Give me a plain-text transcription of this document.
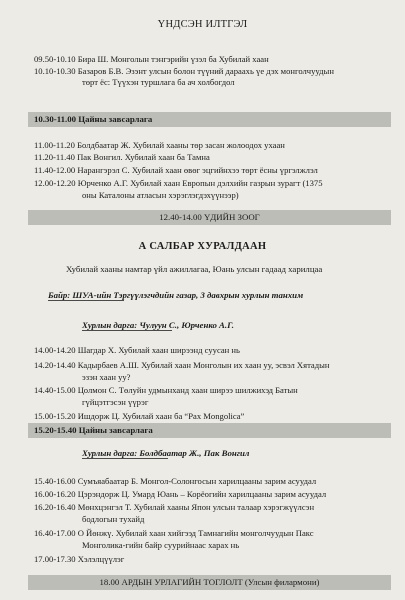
ҮНДСЭН ИЛТГЭЛ
09.50-10.10 Бира Ш. Монголын тэнгэрийн үзэл ба Хубилай хаан
10.10-10.30 Базаров Б.В. Эзэнт улсын болон түүний дараахь үе дэх монголчуудын
төрт ёс: Түүхэн туршлага ба ач холбогдол
10.30-11.00 Цайны завсарлага
11.00-11.20 Болдбаатар Ж. Хубилай хааны төр засан жолоодох ухаан
11.20-11.40 Пак Вонгил. Хубилай хаан ба Тамна
11.40-12.00 Нарангэрэл С. Хубилай хаан өвөг эцгийнхээ төрт ёсны үргэлжлэл
12.00-12.20 Юрченко А.Г. Хубилай хаан Европын дэлхийн газрын зурагт (1375
оны Каталоны атласын хэрэглэгдэхүүнээр)
12.40-14.00 ҮДИЙН ЗООГ
А САЛБАР ХУРАЛДААН
Хубилай хааны намтар үйл ажиллагаа, Юань улсын гадаад харилцаа
Байр: ШУА-ийн Тэргүүлэгчдийн газар, 3 давхрын хурлын танхим
Хурлын дарга: Чулуун С., Юрченко А.Г.
14.00-14.20 Шагдар Х. Хубилай хаан ширээнд суусан нь
14.20-14.40 Кадырбаев А.Ш. Хубилай хаан Монголын их хаан уу, эсвэл Хятадын
эзэн хаан уу?
14.40-15.00 Цолмон С. Төлуйн удмынханд хаан ширээ шилжихэд Батын
гүйцэтгэсэн үүрэг
15.00-15.20 Ишдорж Ц. Хубилай хаан ба “Pax Mongolica”
15.20-15.40 Цайны завсарлага
Хурлын дарга: Болдбаатар Ж., Пак Вонгил
15.40-16.00 Сумъяабаатар Б. Монгол-Солонгосын харилцааны зарим асуудал
16.00-16.20 Цэрэндорж Ц. Умард Юань – Корёогийн харилцааны зарим асуудал
16.20-16.40 Мөнхцэнгэл Т. Хубилай хааны Япон улсын талаар хэрэгжүүлсэн
бодлогын тухайд
16.40-17.00 О Йөнжү. Хубилай хаан хийгээд Тамнагийн монголчуудын Пакс
Монголика-гийн байр суурийнаас харах нь
17.00-17.30 Хэлэлцүүлэг
18.00 АРДЫН УРЛАГИЙН ТОГЛОЛТ (Улсын филармони)
